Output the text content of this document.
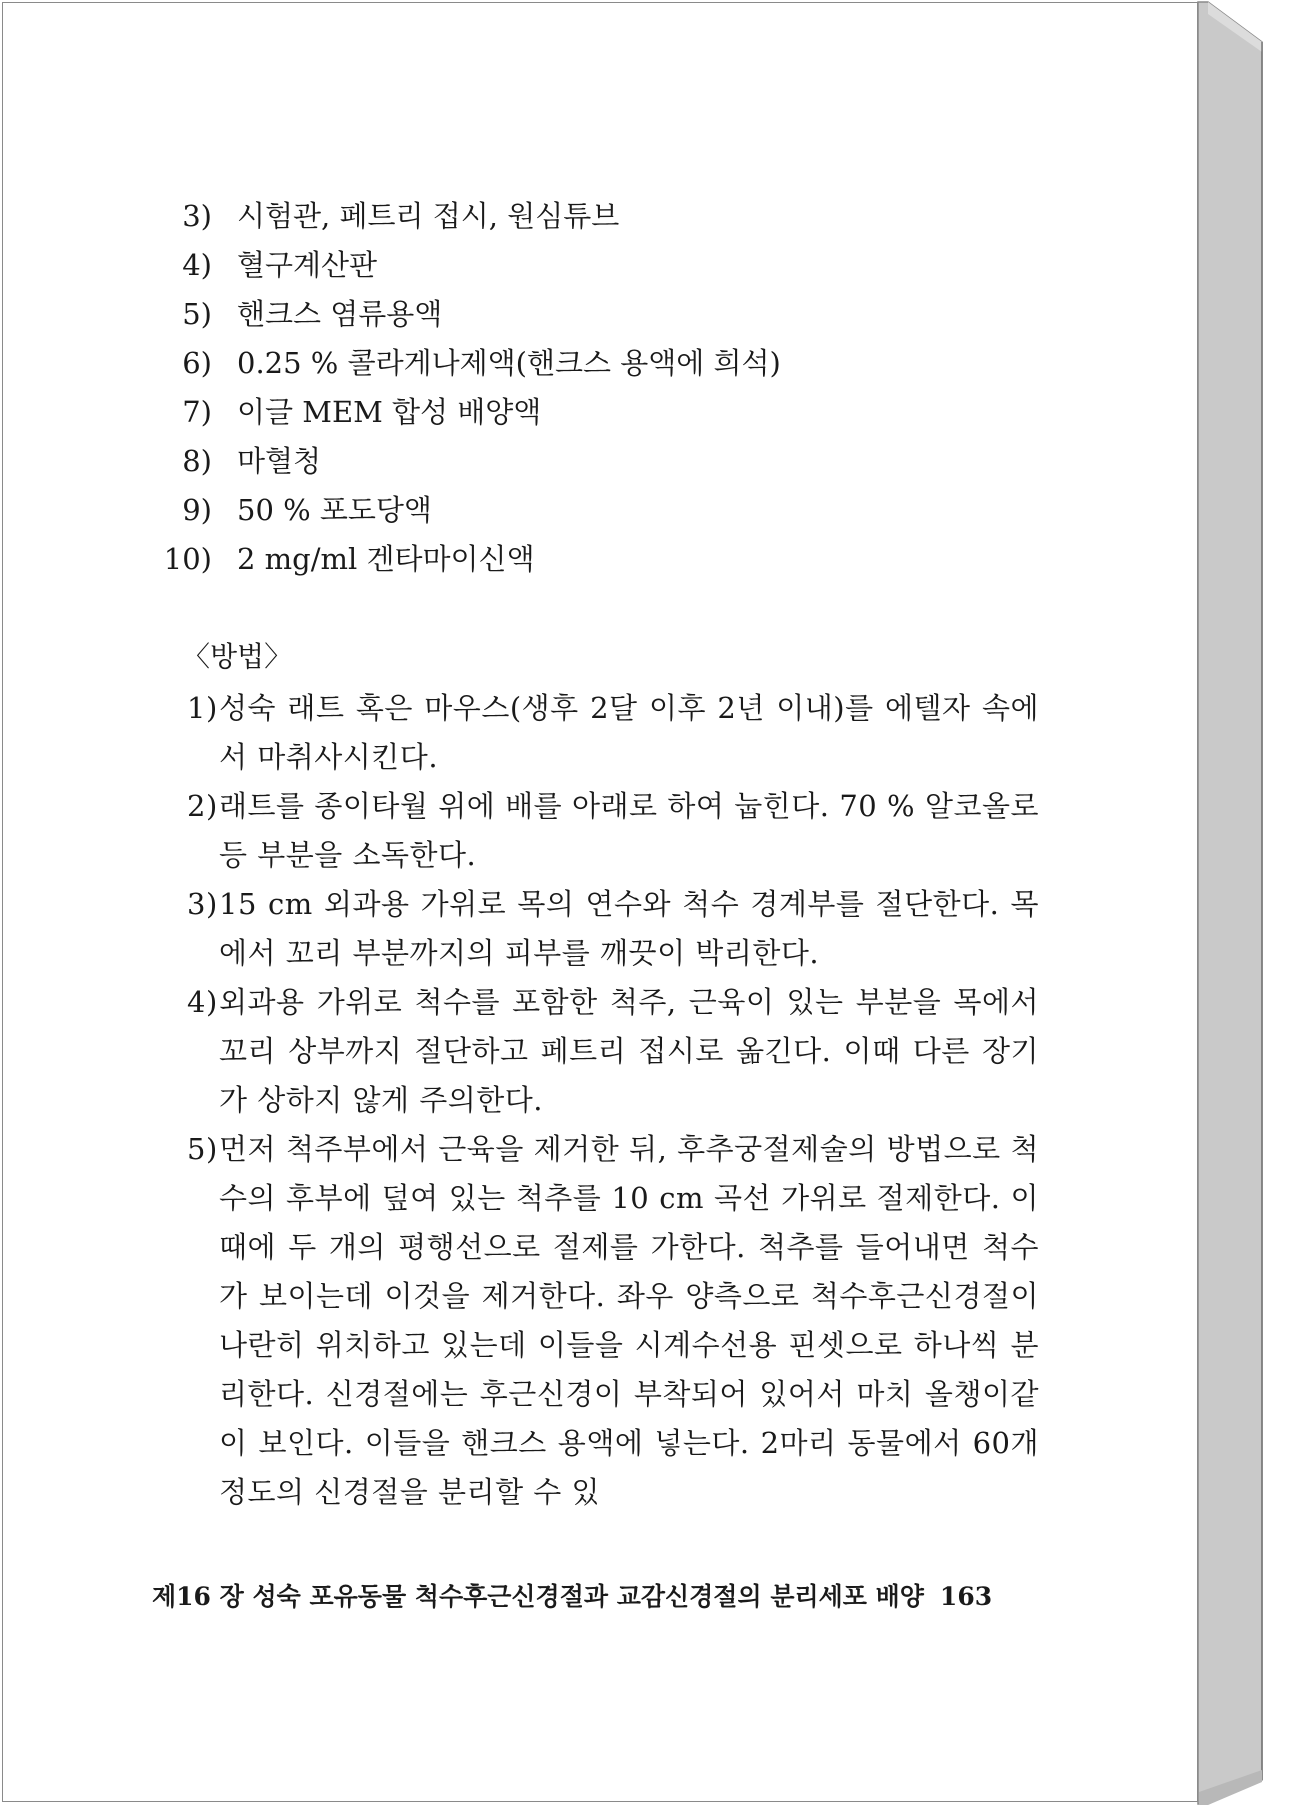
3) 시험관, 페트리 접시, 원심튜브
4) 혈구계산판
5) 핸크스 염류용액
6) 0.25 % 콜라게나제액(핸크스 용액에 희석)
7) 이글 MEM 합성 배양액
8) 마혈청
9) 50 % 포도당액
10) 2 mg/ml 겐타마이신액
〈방법〉
1) 성숙 래트 혹은 마우스(생후 2달 이후 2년 이내)를 에텔자 속에서 마취사시킨다.
2) 래트를 종이타월 위에 배를 아래로 하여 눕힌다. 70 % 알코올로 등 부분을 소독한다.
3) 15 cm 외과용 가위로 목의 연수와 척수 경계부를 절단한다. 목에서 꼬리 부분까지의 피부를 깨끗이 박리한다.
4) 외과용 가위로 척수를 포함한 척주, 근육이 있는 부분을 목에서 꼬리 상부까지 절단하고 페트리 접시로 옮긴다. 이때 다른 장기가 상하지 않게 주의한다.
5) 먼저 척주부에서 근육을 제거한 뒤, 후추궁절제술의 방법으로 척수의 후부에 덮여 있는 척추를 10 cm 곡선 가위로 절제한다. 이때에 두 개의 평행선으로 절제를 가한다. 척추를 들어내면 척수가 보이는데 이것을 제거한다. 좌우 양측으로 척수후근신경절이 나란히 위치하고 있는데 이들을 시계수선용 핀셋으로 하나씩 분리한다. 신경절에는 후근신경이 부착되어 있어서 마치 올챙이같이 보인다. 이들을 핸크스 용액에 넣는다. 2마리 동물에서 60개 정도의 신경절을 분리할 수 있
제16 장 성숙 포유동물 척수후근신경절과 교감신경절의 분리세포 배양 163
